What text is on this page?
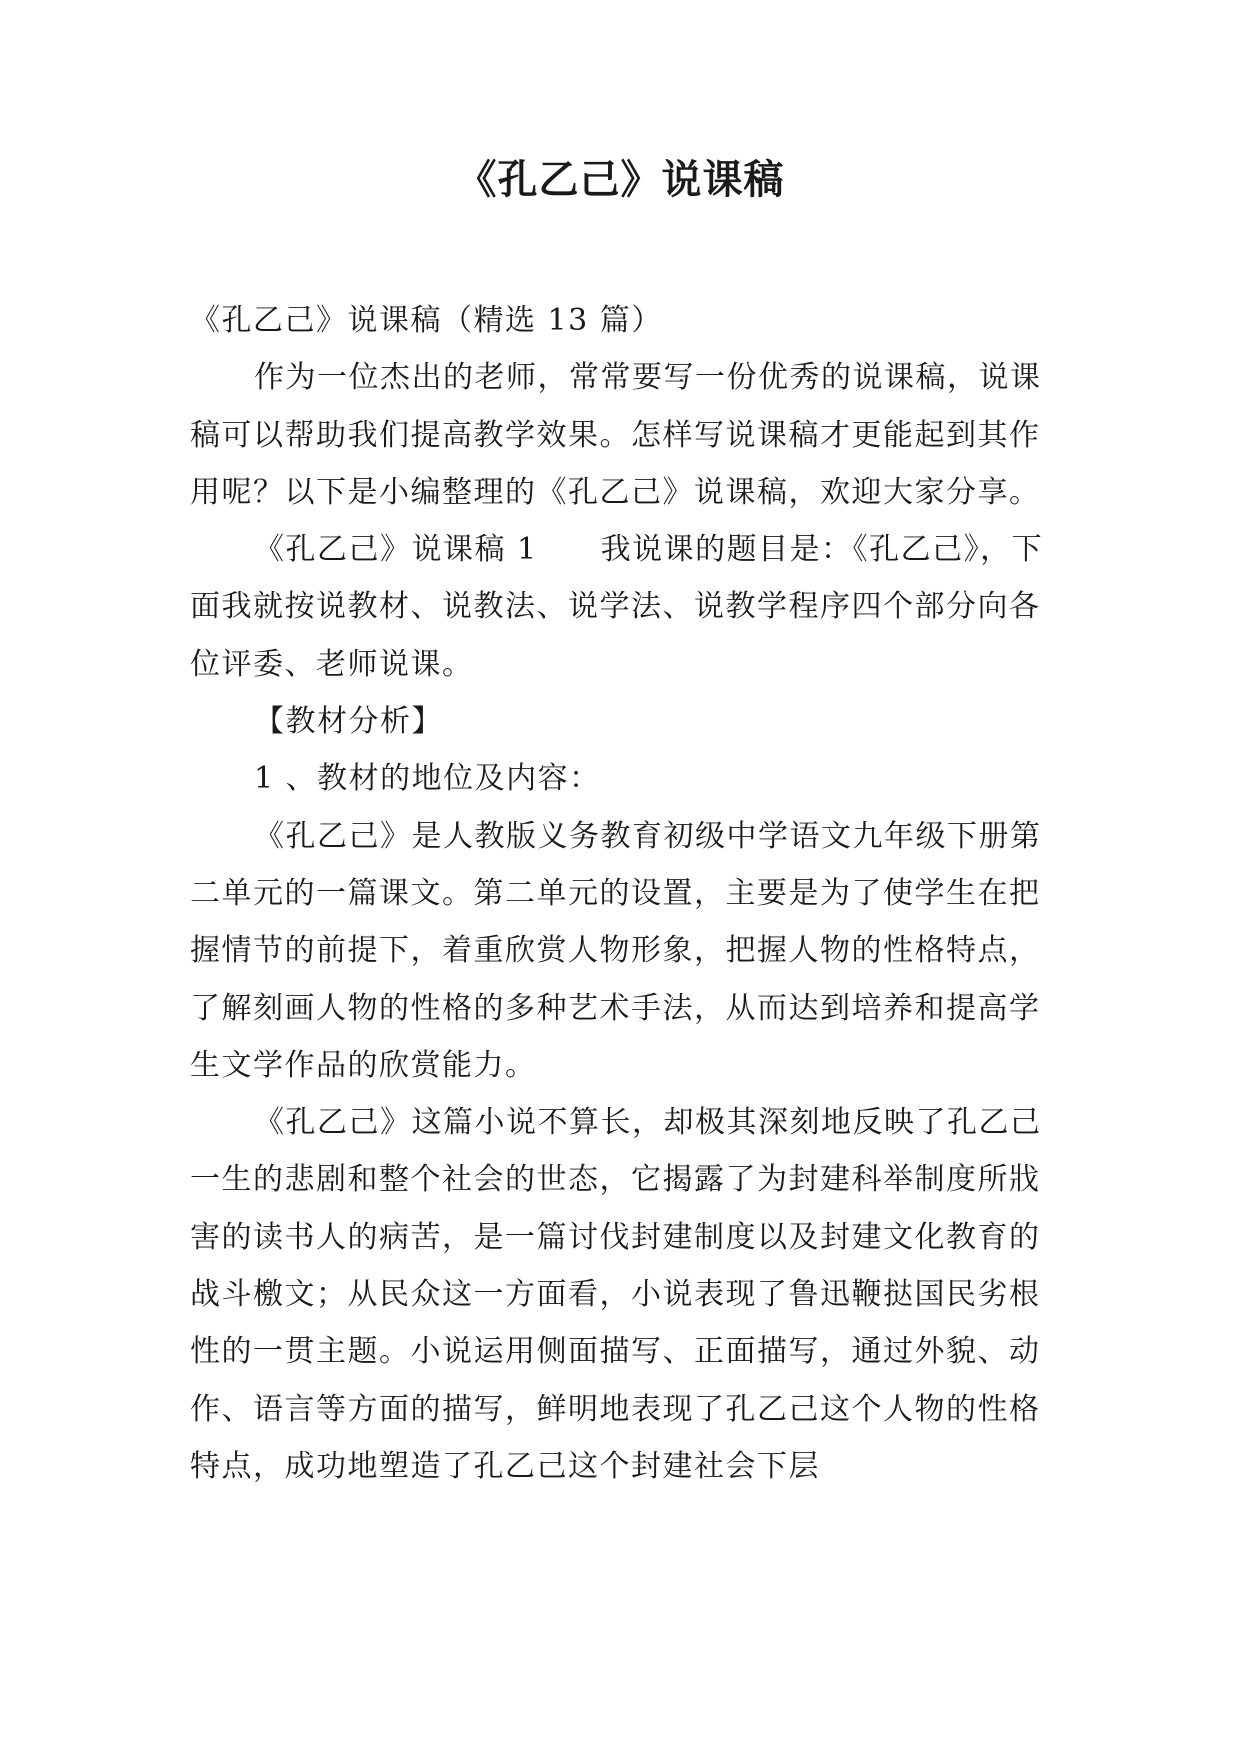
《孔乙己》说课稿

《孔乙己》说课稿（精选 13 篇）

作为一位杰出的老师，常常要写一份优秀的说课稿，说课稿可以帮助我们提高教学效果。怎样写说课稿才更能起到其作用呢？以下是小编整理的《孔乙己》说课稿，欢迎大家分享。

《孔乙己》说课稿 1　　我说课的题目是：《孔乙己》，下面我就按说教材、说教法、说学法、说教学程序四个部分向各位评委、老师说课。

【教材分析】

1 、教材的地位及内容：

《孔乙己》是人教版义务教育初级中学语文九年级下册第二单元的一篇课文。第二单元的设置，主要是为了使学生在把握情节的前提下，着重欣赏人物形象，把握人物的性格特点，了解刻画人物的性格的多种艺术手法，从而达到培养和提高学生文学作品的欣赏能力。

《孔乙己》这篇小说不算长，却极其深刻地反映了孔乙己一生的悲剧和整个社会的世态，它揭露了为封建科举制度所戕害的读书人的病苦，是一篇讨伐封建制度以及封建文化教育的战斗檄文；从民众这一方面看，小说表现了鲁迅鞭挞国民劣根性的一贯主题。小说运用侧面描写、正面描写，通过外貌、动作、语言等方面的描写，鲜明地表现了孔乙己这个人物的性格特点，成功地塑造了孔乙己这个封建社会下层
